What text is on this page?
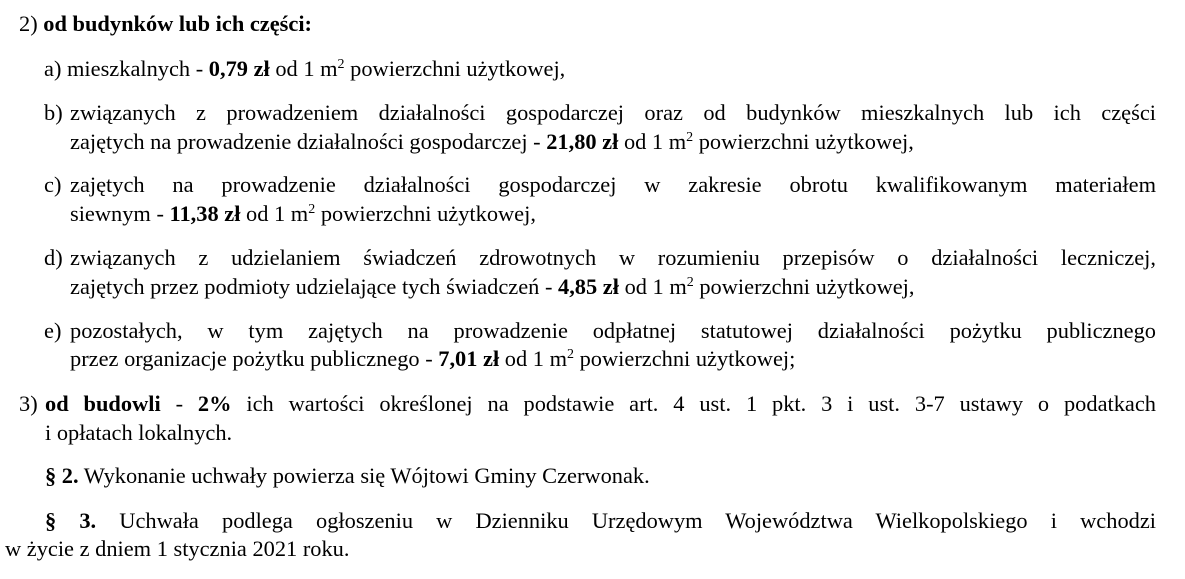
2) od budynków lub ich części:
a) mieszkalnych - 0,79 zł od 1 $m^2$ powierzchni użytkowej,
b) związanych z prowadzeniem działalności gospodarczej oraz od budynków mieszkalnych lub ich części
zajętych na prowadzenie działalności gospodarczej - 21,80 zł od 1 $m^2$ powierzchni użytkowej,
c) zajętych na prowadzenie działalności gospodarczej w zakresie obrotu kwalifikowanym materiałem
siewnym - 11,38 zł od 1 $m^2$ powierzchni użytkowej,
d) związanych z udzielaniem świadczeń zdrowotnych w rozumieniu przepisów o działalności leczniczej,
zajętych przez podmioty udzielające tych świadczeń - 4,85 zł od 1 $m^2$ powierzchni użytkowej,
e) pozostałych, w tym zajętych na prowadzenie odpłatnej statutowej działalności pożytku publicznego
przez organizacje pożytku publicznego - 7,01 zł od 1 $m^2$ powierzchni użytkowej;
3) od budowli - 2% ich wartości określonej na podstawie art. 4 ust. 1 pkt. 3 i ust. 3-7 ustawy o podatkach
i opłatach lokalnych.
§ 2. Wykonanie uchwały powierza się Wójtowi Gminy Czerwonak.
§ 3. Uchwała podlega ogłoszeniu w Dzienniku Urzędowym Województwa Wielkopolskiego i wchodzi
w życie z dniem 1 stycznia 2021 roku.
